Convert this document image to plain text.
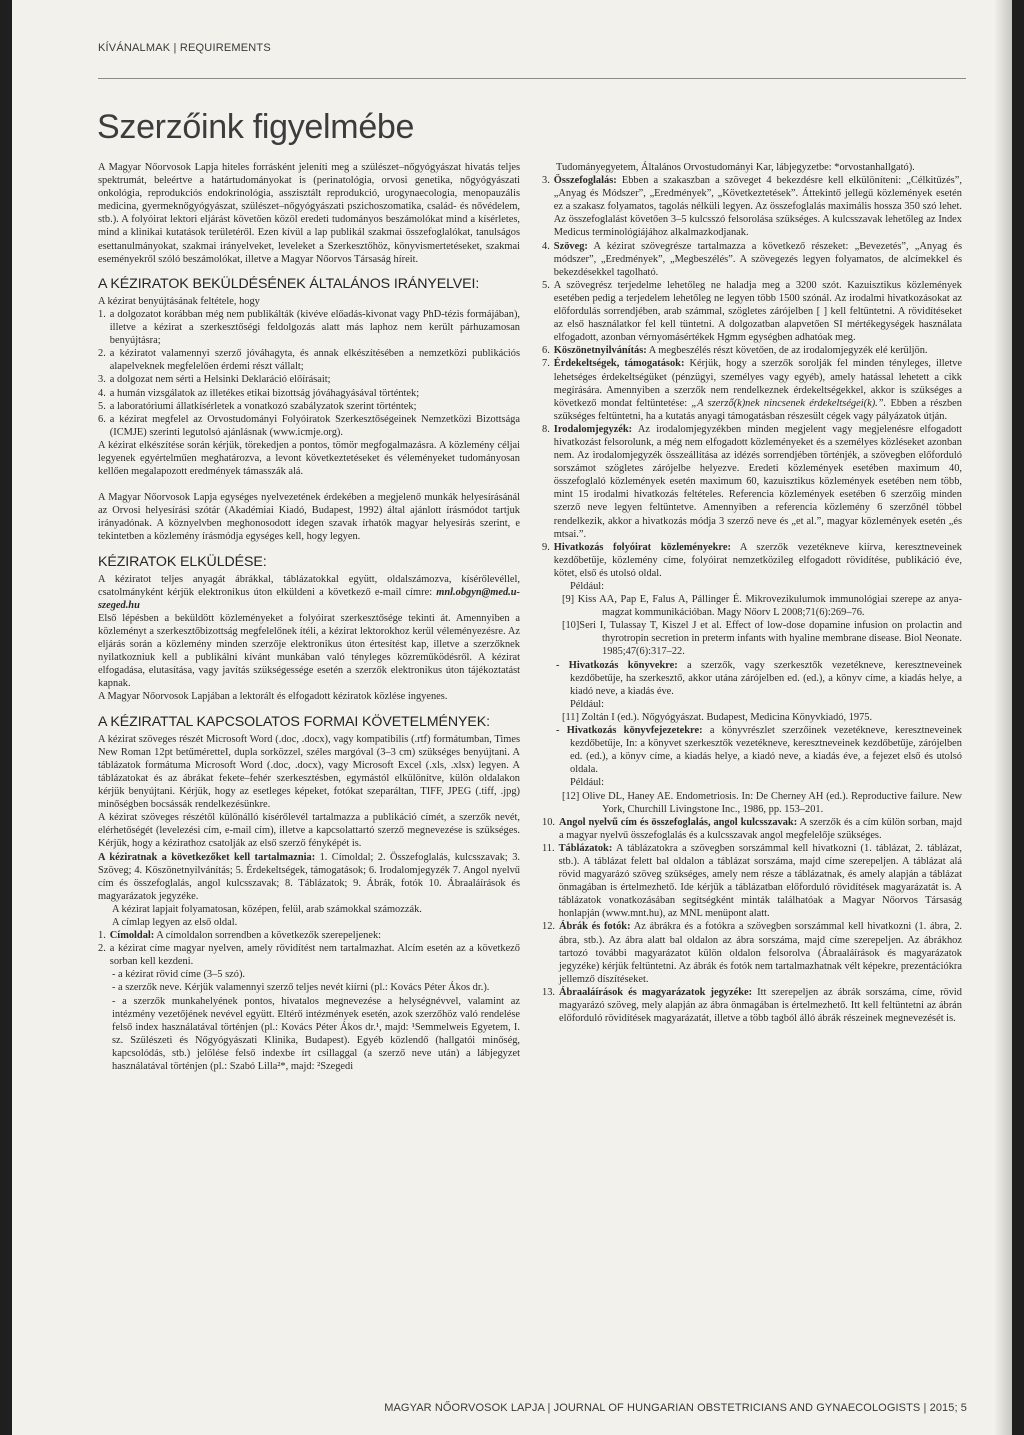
KÍVÁNALMAK | REQUIREMENTS
Szerzőink figyelmébe

A Magyar Nőorvosok Lapja hiteles forrásként jeleníti meg a szülészet–nőgyógyászat hivatás teljes spektrumát, beleértve a határtudományokat is (perinatológia, orvosi genetika, nőgyógyászati onkológia, reprodukciós endokrinológia, asszisztált reprodukció, urogynaecologia, menopauzális medicina, gyermeknőgyógyászat, szülészet–nőgyógyászati pszichoszomatika, család- és nővédelem, stb.). A folyóirat lektori eljárást követően közöl eredeti tudományos beszámolókat mind a kísérletes, mind a klinikai kutatások területéről. Ezen kívül a lap publikál szakmai összefoglalókat, tanulságos esettanulmányokat, szakmai irányelveket, leveleket a Szerkesztőhöz, könyvismertetéseket, szakmai eseményekről szóló beszámolókat, illetve a Magyar Nőorvos Társaság híreit.

A KÉZIRATOK BEKÜLDÉSÉNEK ÁLTALÁNOS IRÁNYELVEI:

A kézirat benyújtásának feltétele, hogy

1. a dolgozatot korábban még nem publikálták (kivéve előadás-kivonat vagy PhD-tézis formájában), illetve a kézirat a szerkesztőségi feldolgozás alatt más laphoz nem került párhuzamosan benyújtásra;
2. a kéziratot valamennyi szerző jóváhagyta, és annak elkészítésében a nemzetközi publikációs alapelveknek megfelelően érdemi részt vállalt;
3. a dolgozat nem sérti a Helsinki Deklaráció előírásait;
4. a humán vizsgálatok az illetékes etikai bizottság jóváhagyásával történtek;
5. a laboratóriumi állatkísérletek a vonatkozó szabályzatok szerint történtek;
6. a kézirat megfelel az Orvostudományi Folyóiratok Szerkesztőségeinek Nemzetközi Bizottsága (ICMJE) szerinti legutolsó ajánlásnak (www.icmje.org).

A kézirat elkészítése során kérjük, törekedjen a pontos, tömör megfogalmazásra. A közlemény céljai legyenek egyértelműen meghatározva, a levont következtetéseket és véleményeket tudományosan kellően megalapozott eredmények támasszák alá.

A Magyar Nőorvosok Lapja egységes nyelvezetének érdekében a megjelenő munkák helyesírásánál az Orvosi helyesírási szótár (Akadémiai Kiadó, Budapest, 1992) által ajánlott írásmódot tartjuk irányadónak. A köznyelvben meghonosodott idegen szavak írhatók magyar helyesírás szerint, e tekintetben a közlemény írásmódja egységes kell, hogy legyen.

KÉZIRATOK ELKÜLDÉSE:

A kéziratot teljes anyagát ábrákkal, táblázatokkal együtt, oldalszámozva, kísérőlevéllel, csatolmányként kérjük elektronikus úton elküldeni a következő e-mail címre: mnl.obgyn@med.u-szeged.hu

Első lépésben a beküldött közleményeket a folyóirat szerkesztősége tekinti át. Amennyiben a közleményt a szerkesztőbizottság megfelelőnek ítéli, a kézirat lektorokhoz kerül véleményezésre. Az eljárás során a közlemény minden szerzője elektronikus úton értesítést kap, illetve a szerzőknek nyilatkozniuk kell a publikálni kívánt munkában való tényleges közreműködésről. A kézirat elfogadása, elutasítása, vagy javítás szükségessége esetén a szerzők elektronikus úton tájékoztatást kapnak.

A Magyar Nőorvosok Lapjában a lektorált és elfogadott kéziratok közlése ingyenes.

A KÉZIRATTAL KAPCSOLATOS FORMAI KÖVETELMÉNYEK:

A kézirat szöveges részét Microsoft Word (.doc, .docx), vagy kompatibilis (.rtf) formátumban, Times New Roman 12pt betűméretteI, dupla sorközzel, széles margóval (3–3 cm) szükséges benyújtani. A táblázatok formátuma Microsoft Word (.doc, .docx), vagy Microsoft Excel (.xls, .xlsx) legyen. A táblázatokat és az ábrákat fekete–fehér szerkesztésben, egymástól elkülönítve, külön oldalakon kérjük benyújtani. Kérjük, hogy az esetleges képeket, fotókat szeparáltan, TIFF, JPEG (.tiff, .jpg) minőségben bocsássák rendelkezésünkre.

A kézirat szöveges részétől különálló kísérőlevél tartalmazza a publikáció címét, a szerzők nevét, elérhetőségét (levelezési cím, e-mail cím), illetve a kapcsolattartó szerző megnevezése is szükséges. Kérjük, hogy a kézirathoz csatolják az első szerző fényképét is.

A kéziratnak a következőket kell tartalmaznia: 1. Címoldal; 2. Összefoglalás, kulcsszavak; 3. Szöveg; 4. Köszönetnyilvánítás; 5. Érdekeltségek, támogatások; 6. Irodalomjegyzék 7. Angol nyelvű cím és összefoglalás, angol kulcsszavak; 8. Táblázatok; 9. Ábrák, fotók 10. Ábraaláírások és magyarázatok jegyzéke.

A kézirat lapjait folyamatosan, középen, felül, arab számokkal számozzák.

A címlap legyen az első oldal.

1. Címoldal: A címoldalon sorrendben a következők szerepeljenek:
2. a kézirat címe magyar nyelven, amely rövidítést nem tartalmazhat. Alcím esetén az a következő sorban kell kezdeni.

- a kézirat rövid címe (3–5 szó).

- a szerzők neve. Kérjük valamennyi szerző teljes nevét kiírni (pl.: Kovács Péter Ákos dr.).

- a szerzők munkahelyének pontos, hivatalos megnevezése a helységnévvel, valamint az intézmény vezetőjének nevével együtt. Eltérő intézmények esetén, azok szerzőhöz való rendelése felső index használatával történjen (pl.: Kovács Péter Ákos dr.¹, majd: ¹Semmelweis Egyetem, I. sz. Szülészeti és Nőgyógyászati Klinika, Budapest). Egyéb közlendő (hallgatói minőség, kapcsolódás, stb.) jelölése felső indexbe írt csillaggal (a szerző neve után) a lábjegyzet használatával történjen (pl.: Szabó Lilla²*, majd: ²Szegedi

Tudományegyetem, Általános Orvostudományi Kar, lábjegyzetbe: *orvostanhallgató).

3. Összefoglalás: Ebben a szakaszban a szöveget 4 bekezdésre kell elkülöníteni: „Célkitűzés”, „Anyag és Módszer”, „Eredmények”, „Következtetések”. Áttekintő jellegű közlemények esetén ez a szakasz folyamatos, tagolás nélküli legyen. Az összefoglalás maximális hossza 350 szó lehet. Az összefoglalást követően 3–5 kulcsszó felsorolása szükséges. A kulcsszavak lehetőleg az Index Medicus terminológiájához alkalmazkodjanak.
4. Szöveg: A kézirat szövegrésze tartalmazza a következő részeket: „Bevezetés”, „Anyag és módszer”, „Eredmények”, „Megbeszélés”. A szövegezés legyen folyamatos, de alcímekkel és bekezdésekkel tagolható.
5. A szövegrész terjedelme lehetőleg ne haladja meg a 3200 szót. Kazuisztikus közlemények esetében pedig a terjedelem lehetőleg ne legyen több 1500 szónál. Az irodalmi hivatkozásokat az előfordulás sorrendjében, arab számmal, szögletes zárójelben [ ] kell feltüntetni. A rövidítéseket az első használatkor fel kell tüntetni. A dolgozatban alapvetően SI mértékegységek használata elfogadott, azonban vérnyomásértékek Hgmm egységben adhatóak meg.
6. Köszönetnyilvánítás: A megbeszélés részt követően, de az irodalomjegyzék elé kerüljön.
7. Érdekeltségek, támogatások: Kérjük, hogy a szerzők sorolják fel minden tényleges, illetve lehetséges érdekeltségüket (pénzügyi, személyes vagy egyéb), amely hatással lehetett a cikk megírására. Amennyiben a szerzők nem rendelkeznek érdekeltségekkel, akkor is szükséges a következő mondat feltüntetése: „A szerző(k)nek nincsenek érdekeltségei(k).”. Ebben a részben szükséges feltüntetni, ha a kutatás anyagi támogatásban részesült cégek vagy pályázatok útján.
8. Irodalomjegyzék: Az irodalomjegyzékben minden megjelent vagy megjelenésre elfogadott hivatkozást felsorolunk, a még nem elfogadott közleményeket és a személyes közléseket azonban nem. Az irodalomjegyzék összeállítása az idézés sorrendjében történjék, a szövegben előforduló sorszámot szögletes zárójelbe helyezve. Eredeti közlemények esetében maximum 40, összefoglaló közlemények esetén maximum 60, kazuisztikus közlemények esetében nem több, mint 15 irodalmi hivatkozás feltételes. Referencia közlemények esetében 6 szerzőig minden szerző neve legyen feltüntetve. Amennyiben a referencia közlemény 6 szerzőnél többel rendelkezik, akkor a hivatkozás módja 3 szerző neve és „et al.”, magyar közlemények esetén „és mtsai.”.
9. Hivatkozás folyóirat közleményekre: A szerzők vezetékneve kiírva, keresztneveinek kezdőbetűje, közlemény címe, folyóirat nemzetközileg elfogadott rövidítése, publikáció éve, kötet, első és utolsó oldal.

Például:

[9] Kiss AA, Pap E, Falus A, Pállinger É. Mikrovezikulumok immunológiai szerepe az anya-magzat kommunikációban. Magy Nőorv L 2008;71(6):269–76.

[10]Seri I, Tulassay T, Kiszel J et al. Effect of low-dose dopamine infusion on prolactin and thyrotropin secretion in preterm infants with hyaline membrane disease. Biol Neonate. 1985;47(6):317–22.

- Hivatkozás könyvekre: a szerzők, vagy szerkesztők vezetékneve, keresztneveinek kezdőbetűje, ha szerkesztő, akkor utána zárójelben ed. (ed.), a könyv címe, a kiadás helye, a kiadó neve, a kiadás éve.

Például:

[11] Zoltán I (ed.). Nőgyógyászat. Budapest, Medicina Könyvkiadó, 1975.

- Hivatkozás könyvfejezetekre: a könyvrészlet szerzőinek vezetékneve, keresztneveinek kezdőbetűje, In: a könyvet szerkesztők vezetékneve, keresztneveinek kezdőbetűje, zárójelben ed. (ed.), a könyv címe, a kiadás helye, a kiadó neve, a kiadás éve, a fejezet első és utolsó oldala.

Például:

[12] Olive DL, Haney AE. Endometriosis. In: De Cherney AH (ed.). Reproductive failure. New York, Churchill Livingstone Inc., 1986, pp. 153–201.

10. Angol nyelvű cím és összefoglalás, angol kulcsszavak: A szerzők és a cím külön sorban, majd a magyar nyelvű összefoglalás és a kulcsszavak angol megfelelője szükséges.
11. Táblázatok: A táblázatokra a szövegben sorszámmal kell hivatkozni (1. táblázat, 2. táblázat, stb.). A táblázat felett bal oldalon a táblázat sorszáma, majd címe szerepeljen. A táblázat alá rövid magyarázó szöveg szükséges, amely nem része a táblázatnak, és amely alapján a táblázat önmagában is értelmezhető. Ide kérjük a táblázatban előforduló rövidítések magyarázatát is. A táblázatok vonatkozásában segítségként minták találhatóak a Magyar Nőorvos Társaság honlapján (www.mnt.hu), az MNL menüpont alatt.
12. Ábrák és fotók: Az ábrákra és a fotókra a szövegben sorszámmal kell hivatkozni (1. ábra, 2. ábra, stb.). Az ábra alatt bal oldalon az ábra sorszáma, majd címe szerepeljen. Az ábrákhoz tartozó további magyarázatot külön oldalon felsorolva (Ábraaláírások és magyarázatok jegyzéke) kérjük feltüntetni. Az ábrák és fotók nem tartalmazhatnak vélt képekre, prezentációkra jellemző díszítéseket.
13. Ábraaláírások és magyarázatok jegyzéke: Itt szerepeljen az ábrák sorszáma, címe, rövid magyarázó szöveg, mely alapján az ábra önmagában is értelmezhető. Itt kell feltüntetni az ábrán előforduló rövidítések magyarázatát, illetve a több tagból álló ábrák részeinek megnevezését is.
MAGYAR NŐORVOSOK LAPJA | JOURNAL OF HUNGARIAN OBSTETRICIANS AND GYNAECOLOGISTS | 2015; 5
